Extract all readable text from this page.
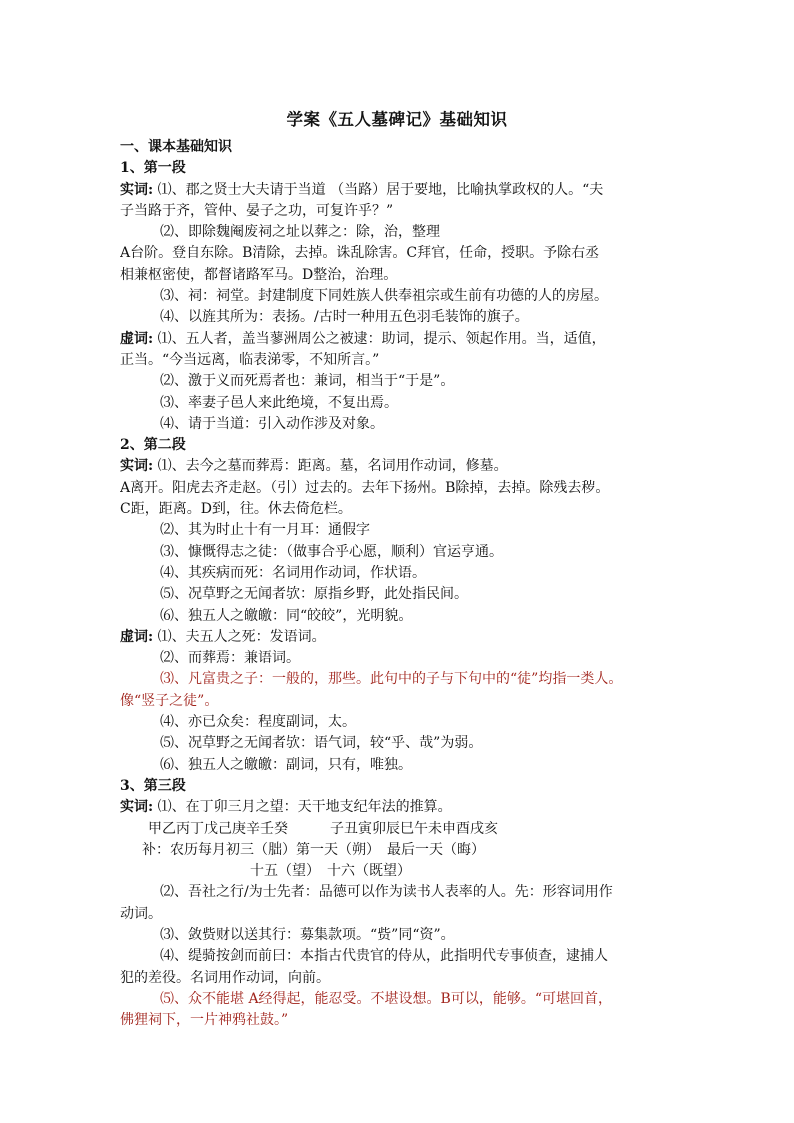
学案《五人墓碑记》基础知识
一、课本基础知识
1、第一段
实词: ⑴、郡之贤士大夫请于当道 （当路）居于要地，比喻执掌政权的人。“夫
子当路于齐，管仲、晏子之功，可复许乎？”
⑵、即除魏阉废祠之址以葬之：除，治，整理
A台阶。登自东除。B清除，去掉。诛乱除害。C拜官，任命，授职。予除右丞
相兼枢密使，都督诸路军马。D整治，治理。
⑶、祠：祠堂。封建制度下同姓族人供奉祖宗或生前有功德的人的房屋。
⑷、以旌其所为：表扬。/古时一种用五色羽毛装饰的旗子。
虚词: ⑴、五人者，盖当蓼洲周公之被逮：助词，提示、领起作用。当，适值，
正当。“今当远离，临表涕零，不知所言。”
⑵、激于义而死焉者也：兼词，相当于“于是”。
⑶、率妻子邑人来此绝境，不复出焉。
⑷、请于当道：引入动作涉及对象。
2、第二段
实词: ⑴、去今之墓而葬焉：距离。墓，名词用作动词，修墓。
A离开。阳虎去齐走赵。（引）过去的。去年下扬州。B除掉，去掉。除残去秽。
C距，距离。D到，往。休去倚危栏。
⑵、其为时止十有一月耳：通假字
⑶、慷慨得志之徒：（做事合乎心愿，顺利）官运亨通。
⑷、其疾病而死：名词用作动词，作状语。
⑸、况草野之无闻者欤：原指乡野，此处指民间。
⑹、独五人之皦皦：同“皎皎”，光明貌。
虚词: ⑴、夫五人之死：发语词。
⑵、而葬焉：兼语词。
⑶、凡富贵之子：一般的，那些。此句中的子与下句中的“徒”均指一类人。
像“竖子之徒”。
⑷、亦已众矣：程度副词，太。
⑸、况草野之无闻者欤：语气词，较“乎、哉”为弱。
⑹、独五人之皦皦：副词，只有，唯独。
3、第三段
实词: ⑴、在丁卯三月之望：天干地支纪年法的推算。
甲乙丙丁戊己庚辛壬癸　　　子丑寅卯辰巳午未申酉戌亥
补：农历每月初三（朏）第一天（朔）　最后一天（晦）
十五（望）　十六（既望）
⑵、吾社之行/为士先者：品德可以作为读书人表率的人。先：形容词用作
动词。
⑶、敛赀财以送其行：募集款项。“赀”同“资”。
⑷、缇骑按剑而前曰：本指古代贵官的侍从，此指明代专事侦查，逮捕人
犯的差役。名词用作动词，向前。
⑸、众不能堪 A经得起，能忍受。不堪设想。B可以，能够。“可堪回首，
佛狸祠下，一片神鸦社鼓。”
